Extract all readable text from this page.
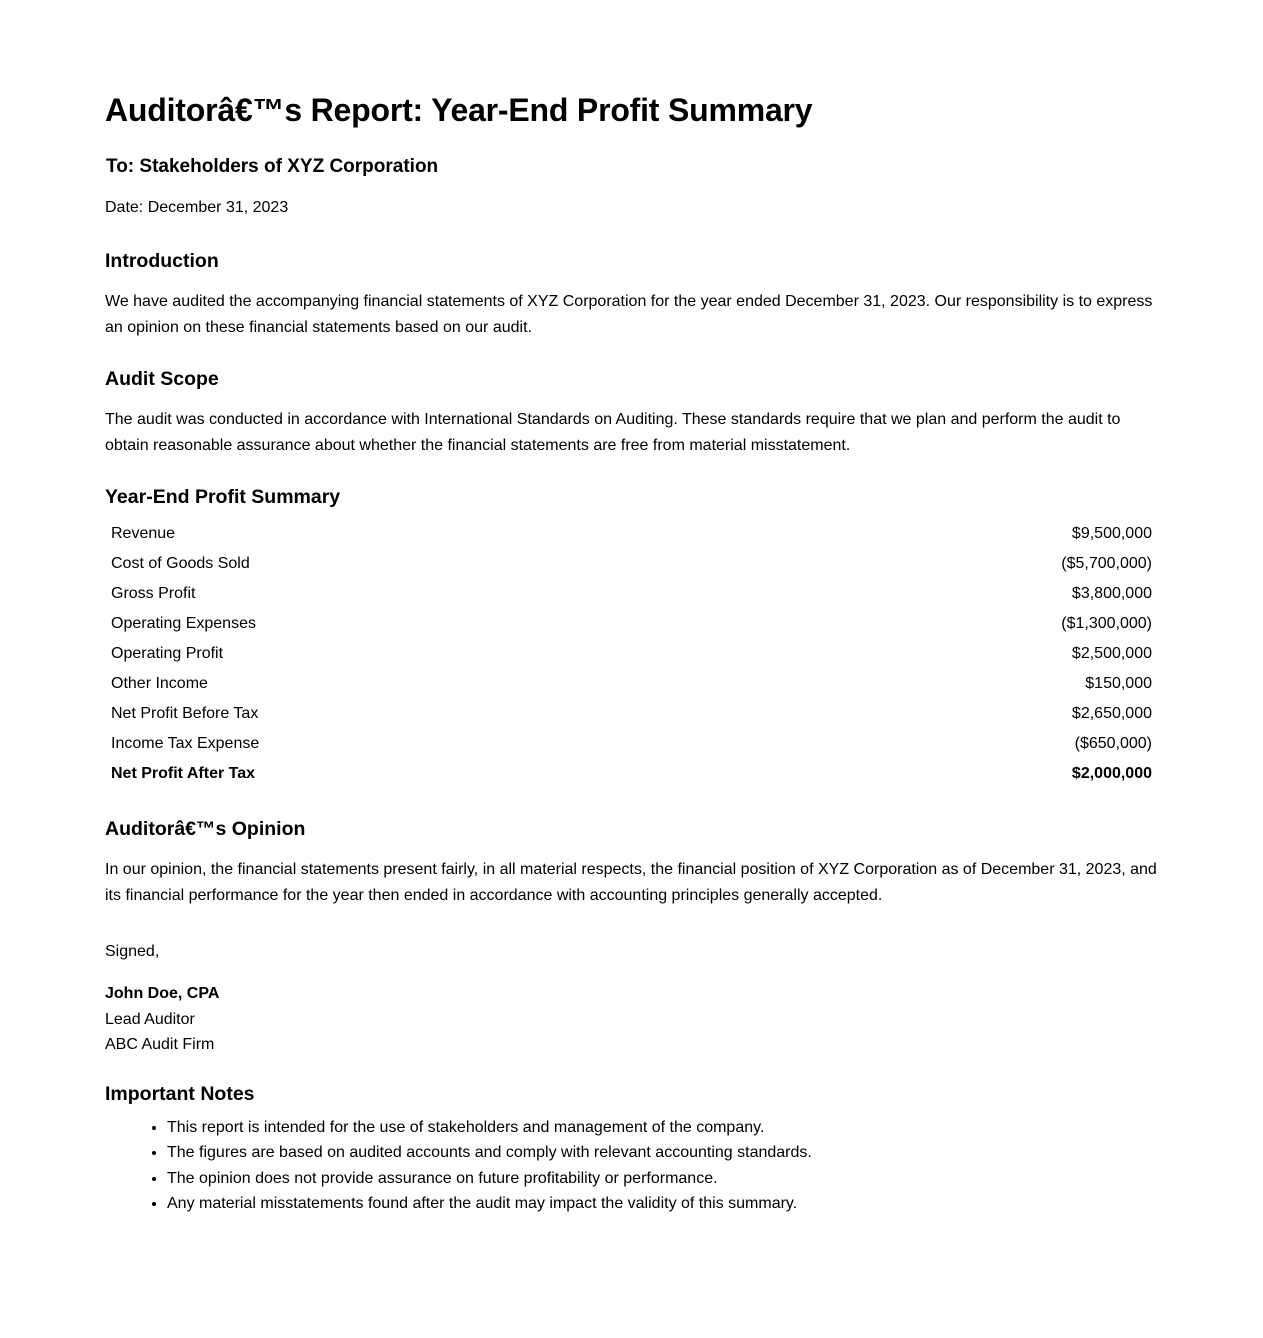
Auditorâ€™s Report: Year-End Profit Summary
To: Stakeholders of XYZ Corporation

Date: December 31, 2023

Introduction

We have audited the accompanying financial statements of XYZ Corporation for the year ended December 31, 2023. Our responsibility is to express an opinion on these financial statements based on our audit.

Audit Scope

The audit was conducted in accordance with International Standards on Auditing. These standards require that we plan and perform the audit to obtain reasonable assurance about whether the financial statements are free from material misstatement.

Year-End Profit Summary
Revenue	$9,500,000
Cost of Goods Sold	($5,700,000)
Gross Profit	$3,800,000
Operating Expenses	($1,300,000)
Operating Profit	$2,500,000
Other Income	$150,000
Net Profit Before Tax	$2,650,000
Income Tax Expense	($650,000)
Net Profit After Tax	$2,000,000
Auditorâ€™s Opinion

In our opinion, the financial statements present fairly, in all material respects, the financial position of XYZ Corporation as of December 31, 2023, and its financial performance for the year then ended in accordance with accounting principles generally accepted.

Signed,

John Doe, CPA
Lead Auditor
ABC Audit Firm
Important Notes
• This report is intended for the use of stakeholders and management of the company.
• The figures are based on audited accounts and comply with relevant accounting standards.
• The opinion does not provide assurance on future profitability or performance.
• Any material misstatements found after the audit may impact the validity of this summary.
